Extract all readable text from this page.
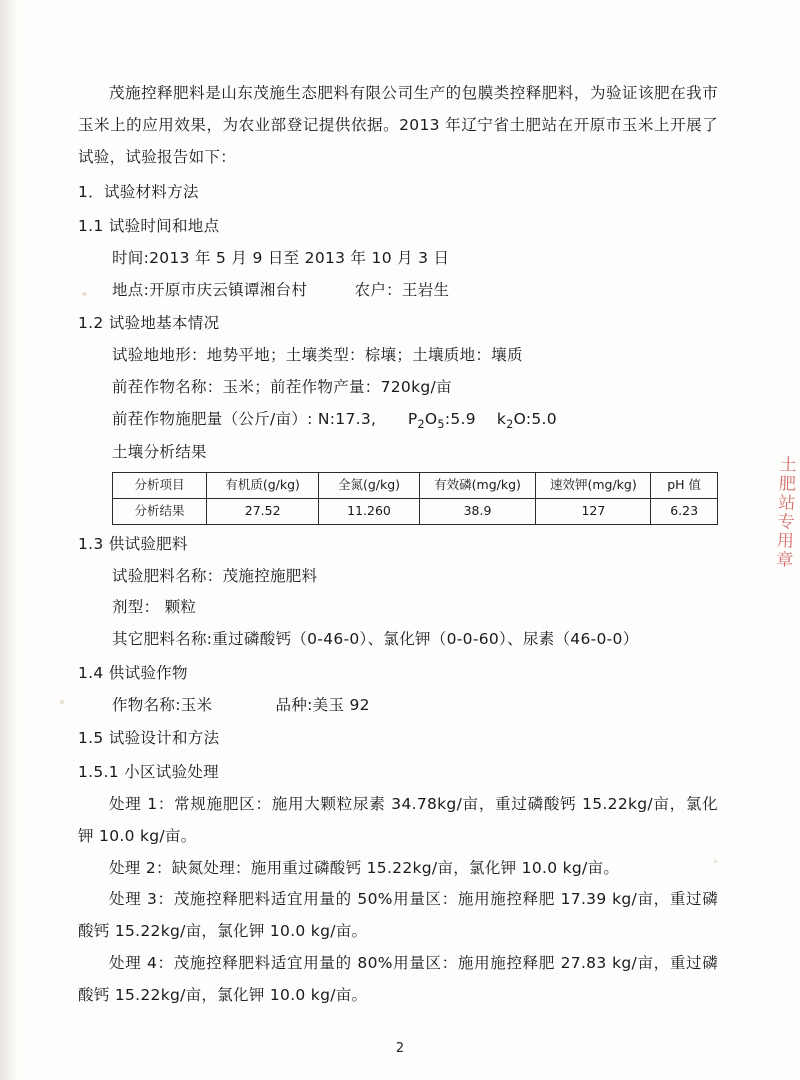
茂施控释肥料是山东茂施生态肥料有限公司生产的包膜类控释肥料，为验证该肥在我市玉米上的应用效果，为农业部登记提供依据。2013 年辽宁省土肥站在开原市玉米上开展了试验，试验报告如下：

1．试验材料方法

1.1 试验时间和地点

时间:2013 年 5 月 9 日至 2013 年 10 月 3 日

地点:开原市庆云镇谭湘台村　　　农户：王岩生

1.2 试验地基本情况

试验地地形：地势平地；土壤类型：棕壤；土壤质地：壤质

前茬作物名称：玉米；前茬作物产量：720kg/亩

前茬作物施肥量（公斤/亩）: N:17.3,　　$P_2O_5:5.9$　 $k_2O:5.0$

土壤分析结果

分析项目	有机质(g/kg)	全氮(g/kg)	有效磷(mg/kg)	速效钾(mg/kg)	pH 值
分析结果	27.52	11.260	38.9	127	6.23

1.3 供试验肥料

试验肥料名称：茂施控施肥料

剂型： 颗粒

其它肥料名称:重过磷酸钙（0-46-0）、氯化钾（0-0-60）、尿素（46-0-0）

1.4 供试验作物

作物名称:玉米　　　　品种:美玉 92

1.5 试验设计和方法

1.5.1 小区试验处理

处理 1：常规施肥区：施用大颗粒尿素 34.78kg/亩，重过磷酸钙 15.22kg/亩，氯化钾 10.0 kg/亩。

处理 2：缺氮处理：施用重过磷酸钙 15.22kg/亩，氯化钾 10.0 kg/亩。

处理 3：茂施控释肥料适宜用量的 50%用量区：施用施控释肥 17.39 kg/亩，重过磷酸钙 15.22kg/亩，氯化钾 10.0 kg/亩。

处理 4：茂施控释肥料适宜用量的 80%用量区：施用施控释肥 27.83 kg/亩，重过磷酸钙 15.22kg/亩，氯化钾 10.0 kg/亩。

土肥站专用章
2
